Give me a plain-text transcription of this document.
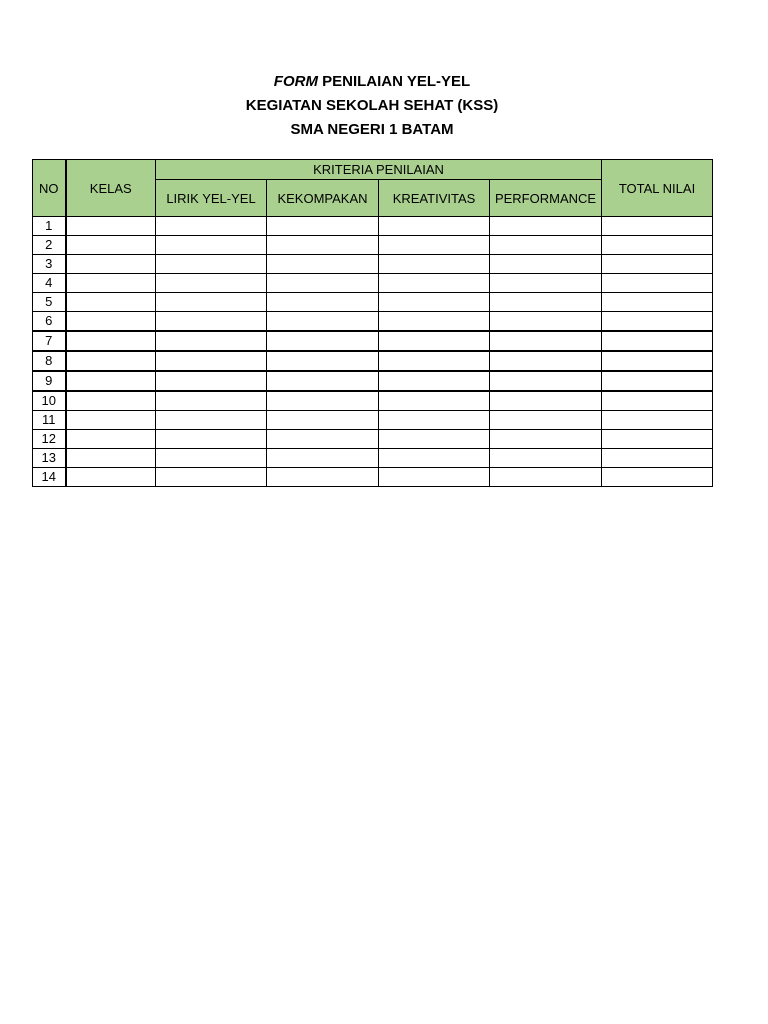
FORM PENILAIAN YEL-YEL
KEGIATAN SEKOLAH SEHAT (KSS)
SMA NEGERI 1 BATAM
NO	KELAS	KRITERIA PENILAIAN				TOTAL NILAI
		LIRIK YEL-YEL	KEKOMPAKAN	KREATIVITAS	PERFORMANCE	
1						
2						
3						
4						
5						
6						
7						
8						
9						
10						
11						
12						
13						
14						
